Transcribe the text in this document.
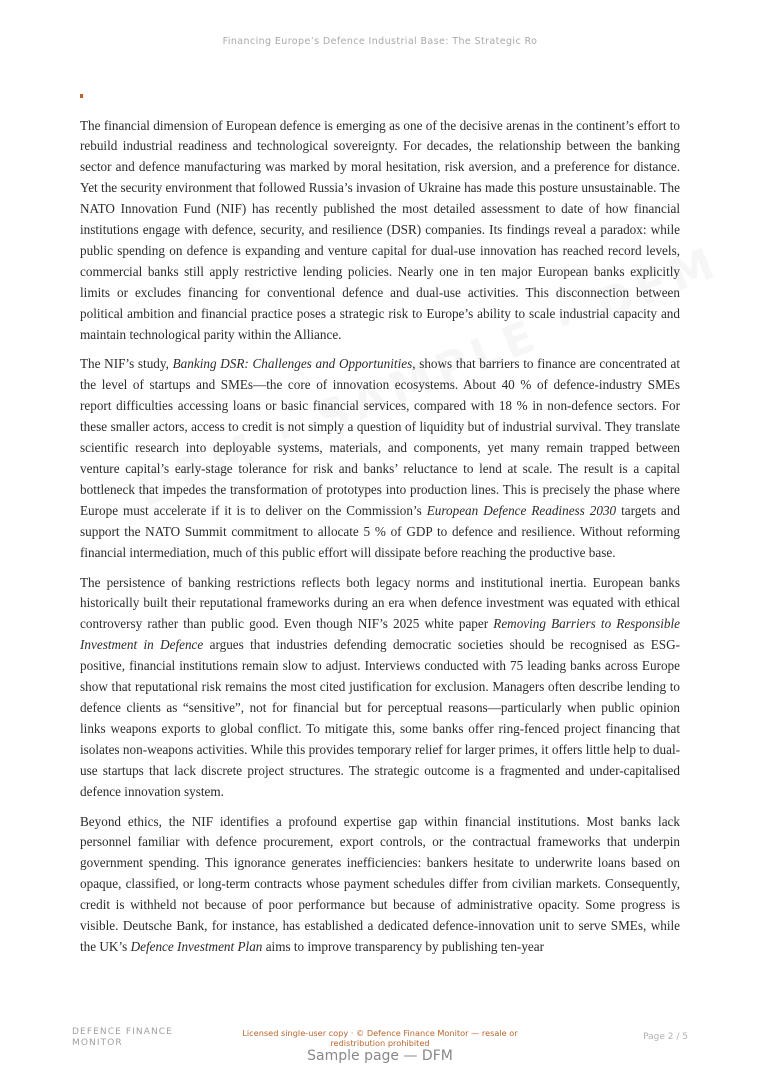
Financing Europe’s Defence Industrial Base: The Strategic Ro

The financial dimension of European defence is emerging as one of the decisive arenas in the continent’s effort to rebuild industrial readiness and technological sovereignty. For decades, the relationship between the banking sector and defence manufacturing was marked by moral hesitation, risk aversion, and a preference for distance. Yet the security environment that followed Russia’s invasion of Ukraine has made this posture unsustainable. The NATO Innovation Fund (NIF) has recently published the most detailed assessment to date of how financial institutions engage with defence, security, and resilience (DSR) companies. Its findings reveal a paradox: while public spending on defence is expanding and venture capital for dual-use innovation has reached record levels, commercial banks still apply restrictive lending policies. Nearly one in ten major European banks explicitly limits or excludes financing for conventional defence and dual-use activities. This disconnection between political ambition and financial practice poses a strategic risk to Europe’s ability to scale industrial capacity and maintain technological parity within the Alliance.

The NIF’s study, Banking DSR: Challenges and Opportunities, shows that barriers to finance are concentrated at the level of startups and SMEs—the core of innovation ecosystems. About 40 % of defence-industry SMEs report difficulties accessing loans or basic financial services, compared with 18 % in non-defence sectors. For these smaller actors, access to credit is not simply a question of liquidity but of industrial survival. They translate scientific research into deployable systems, materials, and components, yet many remain trapped between venture capital’s early-stage tolerance for risk and banks’ reluctance to lend at scale. The result is a capital bottleneck that impedes the transformation of prototypes into production lines. This is precisely the phase where Europe must accelerate if it is to deliver on the Commission’s European Defence Readiness 2030 targets and support the NATO Summit commitment to allocate 5 % of GDP to defence and resilience. Without reforming financial intermediation, much of this public effort will dissipate before reaching the productive base.

The persistence of banking restrictions reflects both legacy norms and institutional inertia. European banks historically built their reputational frameworks during an era when defence investment was equated with ethical controversy rather than public good. Even though NIF’s 2025 white paper Removing Barriers to Responsible Investment in Defence argues that industries defending democratic societies should be recognised as ESG-positive, financial institutions remain slow to adjust. Interviews conducted with 75 leading banks across Europe show that reputational risk remains the most cited justification for exclusion. Managers often describe lending to defence clients as “sensitive”, not for financial but for perceptual reasons—particularly when public opinion links weapons exports to global conflict. To mitigate this, some banks offer ring-fenced project financing that isolates non-weapons activities. While this provides temporary relief for larger primes, it offers little help to dual-use startups that lack discrete project structures. The strategic outcome is a fragmented and under-capitalised defence innovation system.

Beyond ethics, the NIF identifies a profound expertise gap within financial institutions. Most banks lack personnel familiar with defence procurement, export controls, or the contractual frameworks that underpin government spending. This ignorance generates inefficiencies: bankers hesitate to underwrite loans based on opaque, classified, or long-term contracts whose payment schedules differ from civilian markets. Consequently, credit is withheld not because of poor performance but because of administrative opacity. Some progress is visible. Deutsche Bank, for instance, has established a dedicated defence-innovation unit to serve SMEs, while the UK’s Defence Investment Plan aims to improve transparency by publishing ten-year

DEFENCE FINANCE
MONITOR
Licensed single-user copy · © Defence Finance Monitor — resale or redistribution prohibited
Page 2 / 5
Sample page — DFM
